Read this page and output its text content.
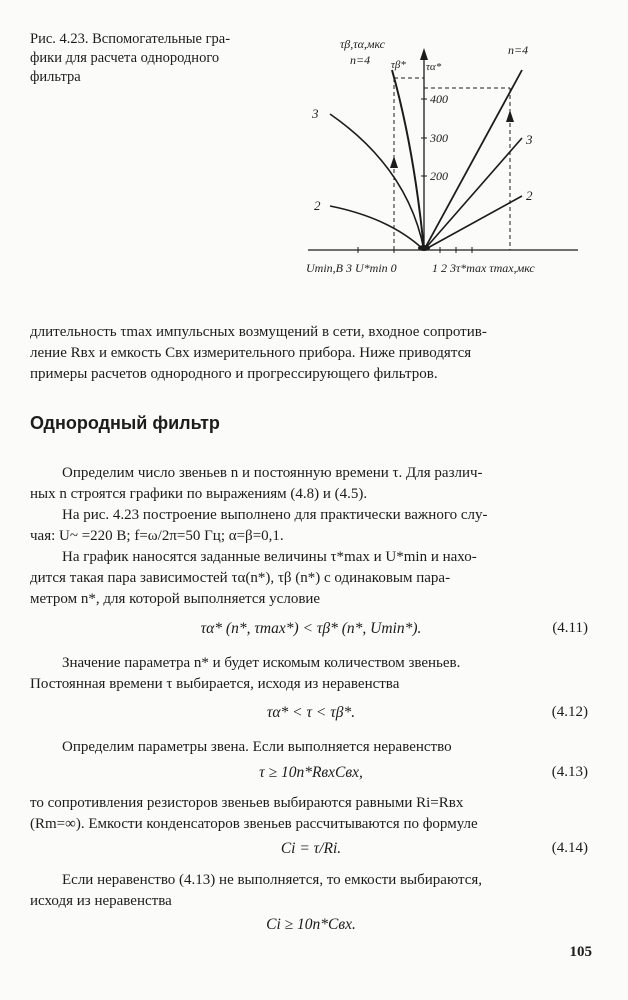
Рис. 4.23. Вспомогательные гра-
фики для расчета однородного
фильтра
τβ,τα,мкс
n=4
n=4
τβ* τα*
400
300
200
3
2
3
2
Umin,В 3 U*min 0	1 2 3τ*max τmax,мкс
длительность τmax импульсных возмущений в сети, входное сопротив-
ление Rвх и емкость Cвх измерительного прибора. Ниже приводятся
примеры расчетов однородного и прогрессирующего фильтров.
Однородный фильтр
Определим число звеньев n и постоянную времени τ. Для различ-
ных n строятся графики по выражениям (4.8) и (4.5).
На рис. 4.23 построение выполнено для практически важного слу-
чая: U~ =220 В; f=ω/2π=50 Гц; α=β=0,1.
На график наносятся заданные величины τ*max и U*min и нахо-
дится такая пара зависимостей τα(n*), τβ (n*) с одинаковым пара-
метром n*, для которой выполняется условие
τα* (n*, τmax*) < τβ* (n*, Umin*).	(4.11)
Значение параметра n* и будет искомым количеством звеньев.
Постоянная времени τ выбирается, исходя из неравенства
τα* < τ < τβ*.	(4.12)
Определим параметры звена. Если выполняется неравенство
τ ≥ 10n*RвхCвх,	(4.13)
то сопротивления резисторов звеньев выбираются равными Ri=Rвх
(Rm=∞). Емкости конденсаторов звеньев рассчитываются по формуле
Ci = τ/Ri.	(4.14)
Если неравенство (4.13) не выполняется, то емкости выбираются,
исходя из неравенства
Ci ≥ 10n*Cвх.
105
